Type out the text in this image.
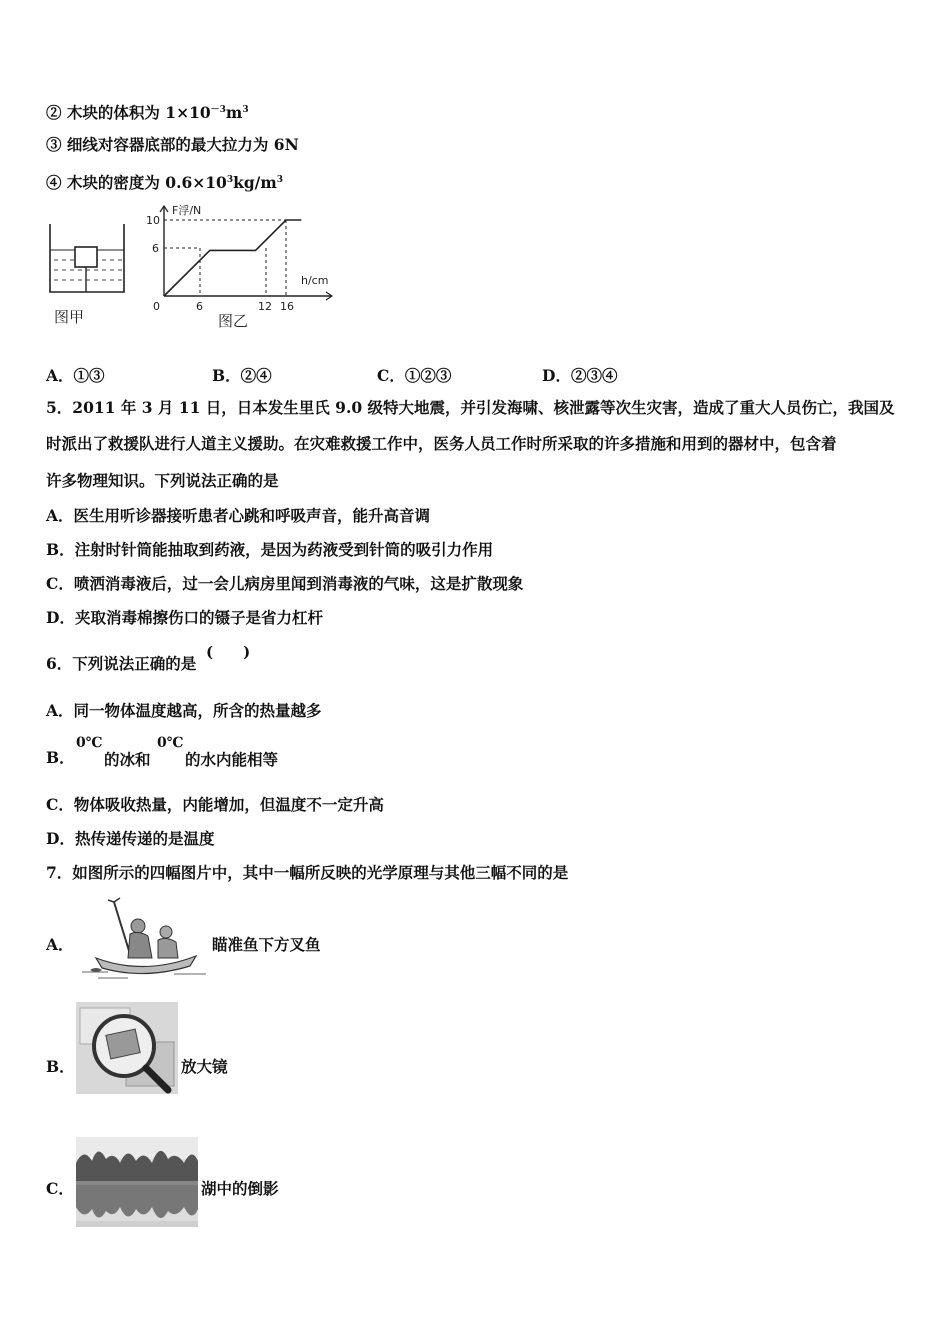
② 木块的体积为 $1\times 10^{-3}m^3$
③ 细线对容器底部的最大拉力为 6N
④ 木块的密度为 $0.6\times 10^3kg/m^3$
图甲
F浮/N
h/cm
0
10
6
6	12 16
图乙
A．①③	B．②④	C．①②③	D．②③④
5．2011 年 3 月 11 日，日本发生里氏 9.0 级特大地震，并引发海啸、核泄露等次生灾害，造成了重大人员伤亡，我国及
时派出了救援队进行人道主义援助。在灾难救援工作中，医务人员工作时所采取的许多措施和用到的器材中，包含着
许多物理知识。下列说法正确的是
A．医生用听诊器接听患者心跳和呼吸声音，能升高音调
B．注射时针筒能抽取到药液，是因为药液受到针筒的吸引力作用
C．喷洒消毒液后，过一会儿病房里闻到消毒液的气味，这是扩散现象
D．夹取消毒棉擦伤口的镊子是省力杠杆
6．下列说法正确的是
(　　)
A．同一物体温度越高，所含的热量越多
B．
0℃
的冰和
0℃
的水内能相等
C．物体吸收热量，内能增加，但温度不一定升高
D．热传递传递的是温度
7．如图所示的四幅图片中，其中一幅所反映的光学原理与其他三幅不同的是
A．	瞄准鱼下方叉鱼
B．	放大镜
C．	湖中的倒影
